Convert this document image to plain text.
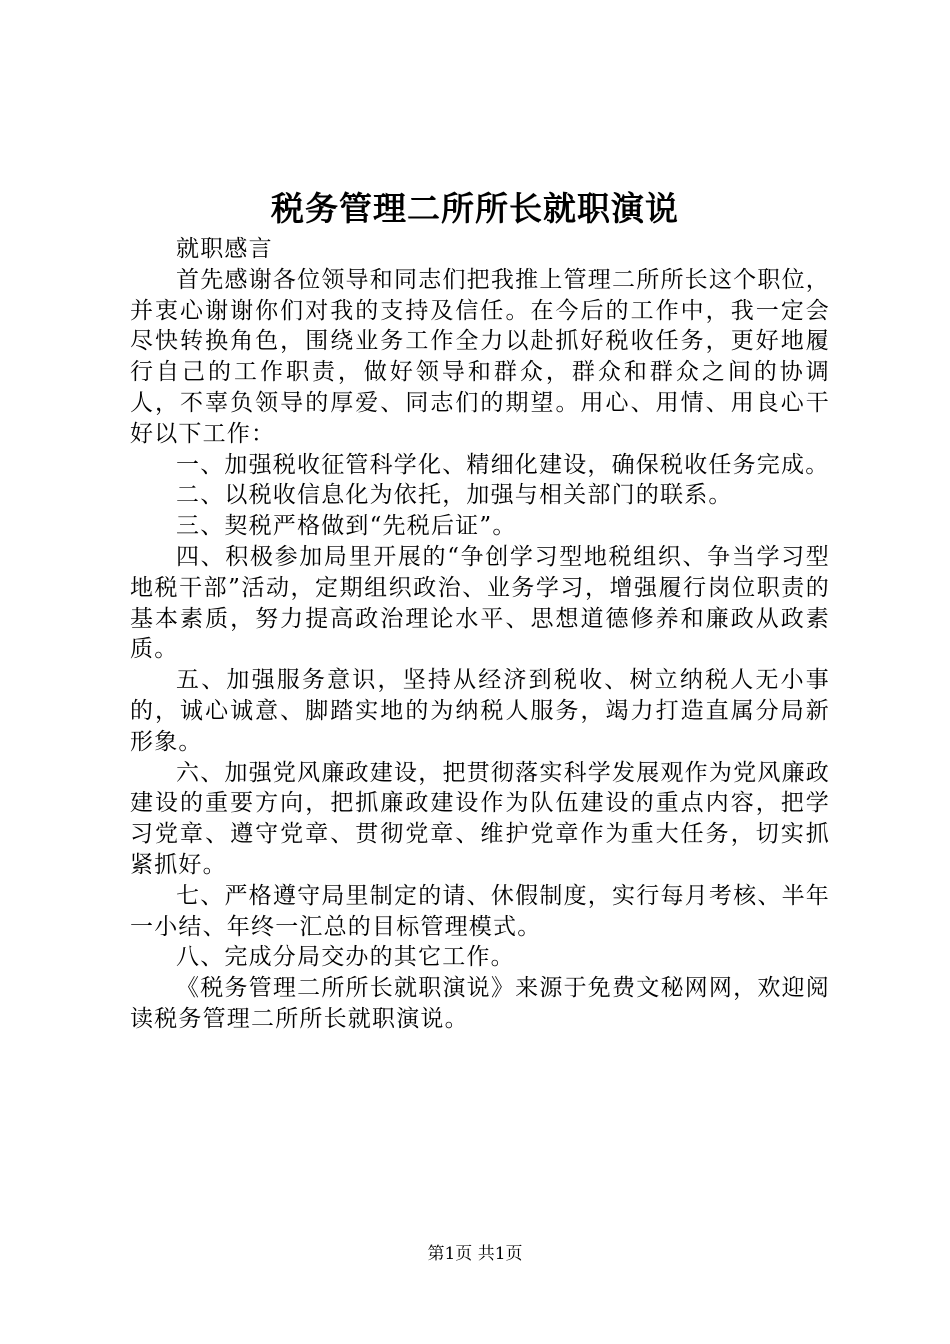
税务管理二所所长就职演说

就职感言

首先感谢各位领导和同志们把我推上管理二所所长这个职位，并衷心谢谢你们对我的支持及信任。在今后的工作中，我一定会尽快转换角色，围绕业务工作全力以赴抓好税收任务，更好地履行自己的工作职责，做好领导和群众，群众和群众之间的协调人，不辜负领导的厚爱、同志们的期望。用心、用情、用良心干好以下工作：

一、加强税收征管科学化、精细化建设，确保税收任务完成。

二、以税收信息化为依托，加强与相关部门的联系。

三、契税严格做到“先税后证”。

四、积极参加局里开展的“争创学习型地税组织、争当学习型地税干部”活动，定期组织政治、业务学习，增强履行岗位职责的基本素质，努力提高政治理论水平、思想道德修养和廉政从政素质。

五、加强服务意识，坚持从经济到税收、树立纳税人无小事的，诚心诚意、脚踏实地的为纳税人服务，竭力打造直属分局新形象。

六、加强党风廉政建设，把贯彻落实科学发展观作为党风廉政建设的重要方向，把抓廉政建设作为队伍建设的重点内容，把学习党章、遵守党章、贯彻党章、维护党章作为重大任务，切实抓紧抓好。

七、严格遵守局里制定的请、休假制度，实行每月考核、半年一小结、年终一汇总的目标管理模式。

八、完成分局交办的其它工作。

《税务管理二所所长就职演说》来源于免费文秘网网，欢迎阅读税务管理二所所长就职演说。

第1页 共1页
